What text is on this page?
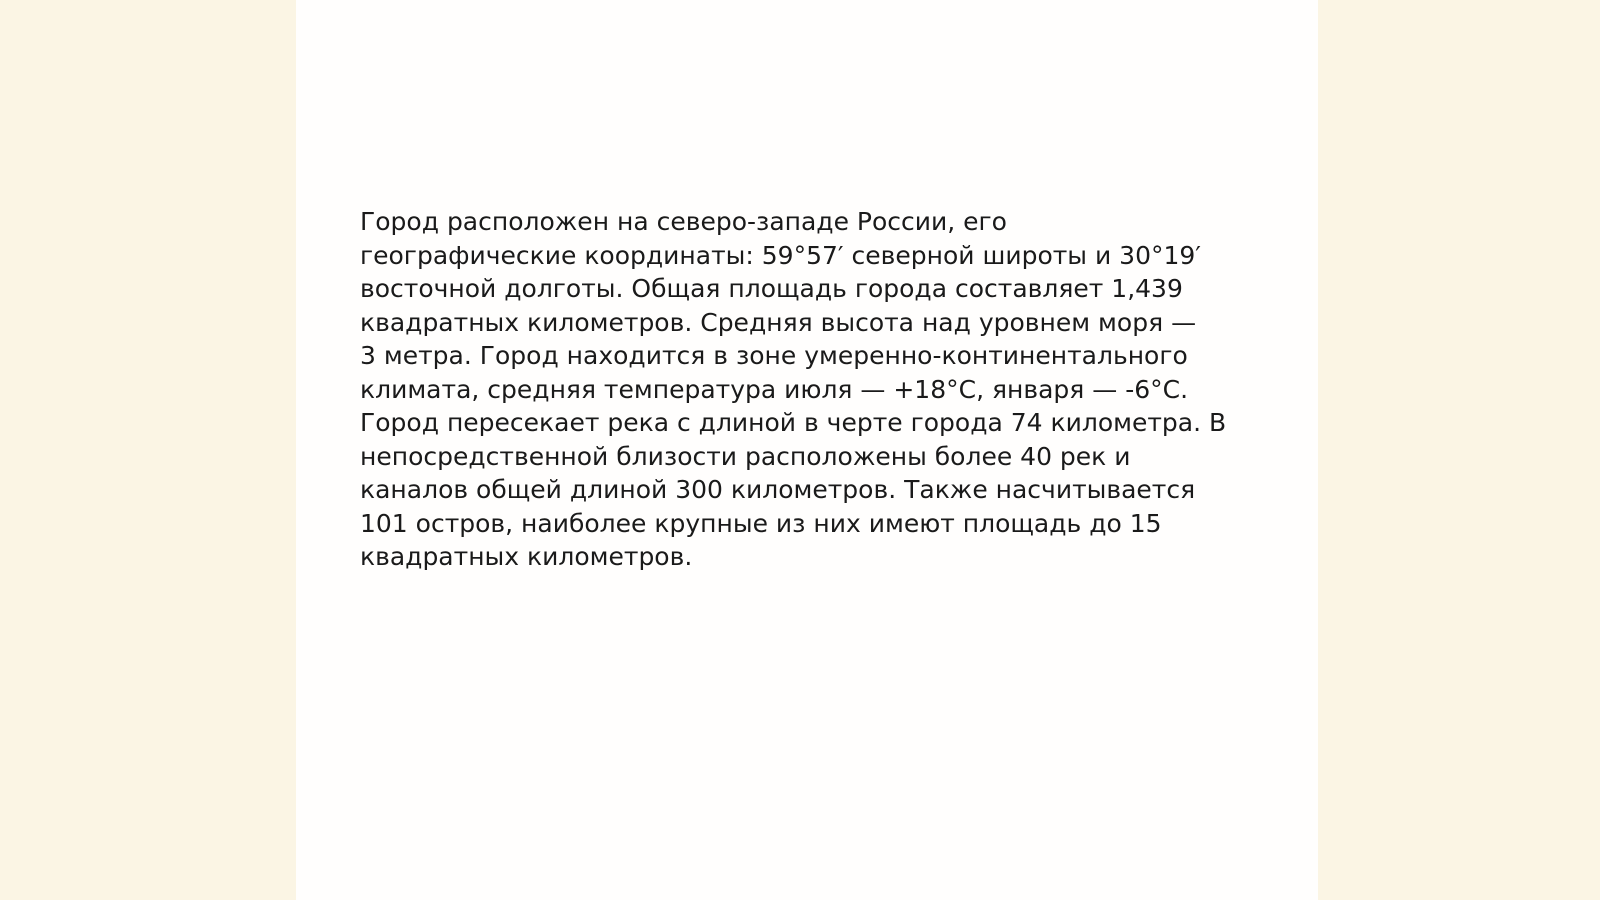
Город расположен на северо-западе России, его
географические координаты: 59°57′ северной широты и 30°19′
восточной долготы. Общая площадь города составляет 1,439
квадратных километров. Средняя высота над уровнем моря —
3 метра. Город находится в зоне умеренно-континентального
климата, средняя температура июля — +18°C, января — -6°C.
Город пересекает река с длиной в черте города 74 километра. В
непосредственной близости расположены более 40 рек и
каналов общей длиной 300 километров. Также насчитывается
101 остров, наиболее крупные из них имеют площадь до 15
квадратных километров.
